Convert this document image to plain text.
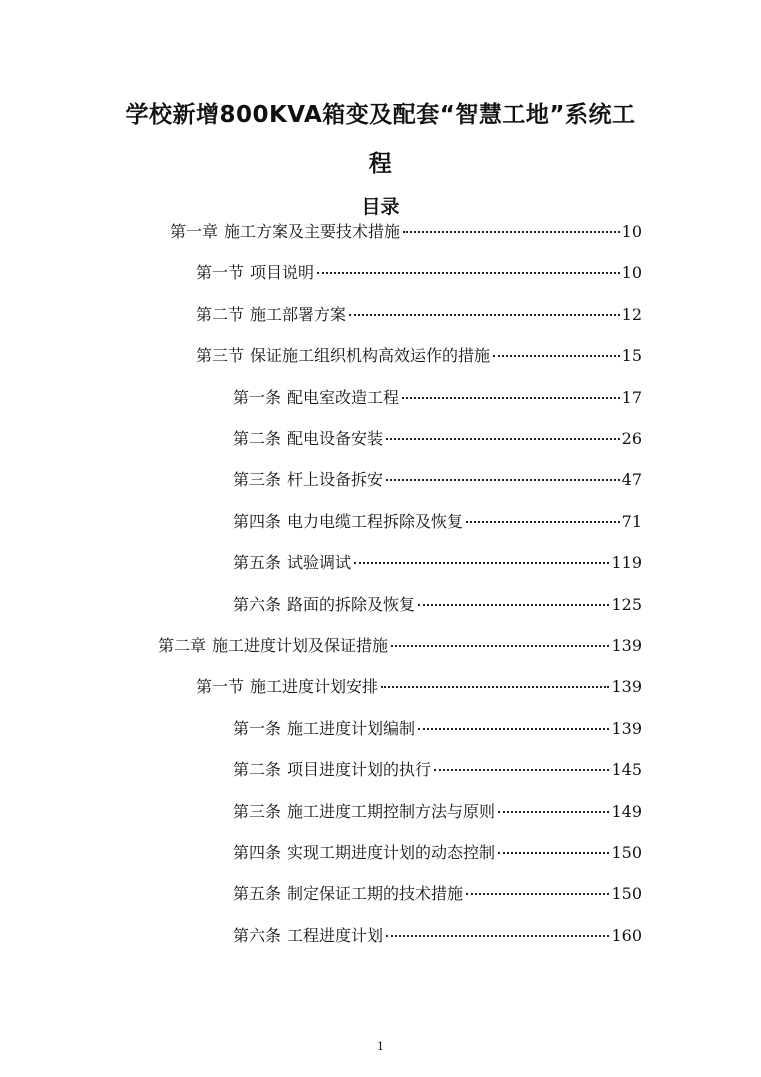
学校新增800KVA箱变及配套“智慧工地”系统工
程
目录
第一章 施工方案及主要技术措施	10
第一节 项目说明	10
第二节 施工部署方案	12
第三节 保证施工组织机构高效运作的措施	15
第一条 配电室改造工程	17
第二条 配电设备安装	26
第三条 杆上设备拆安	47
第四条 电力电缆工程拆除及恢复	71
第五条 试验调试	119
第六条 路面的拆除及恢复	125
第二章 施工进度计划及保证措施	139
第一节 施工进度计划安排	139
第一条 施工进度计划编制	139
第二条 项目进度计划的执行	145
第三条 施工进度工期控制方法与原则	149
第四条 实现工期进度计划的动态控制	150
第五条 制定保证工期的技术措施	150
第六条 工程进度计划	160
1
